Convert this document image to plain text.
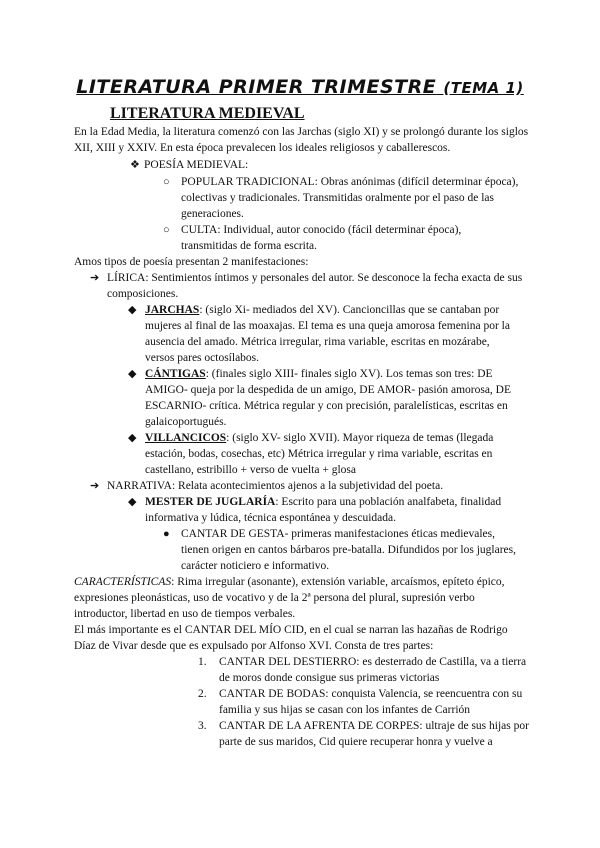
LITERATURA PRIMER TRIMESTRE (TEMA 1)
LITERATURA MEDIEVAL
En la Edad Media, la literatura comenzó con las Jarchas (siglo XI) y se prolongó durante los siglos XII, XIII y XXIV. En esta época prevalecen los ideales religiosos y caballerescos.
❖ POESÍA MEDIEVAL:
○ POPULAR TRADICIONAL: Obras anónimas (difícil determinar época), colectivas y tradicionales. Transmitidas oralmente por el paso de las generaciones.
○ CULTA: Individual, autor conocido (fácil determinar época), transmitidas de forma escrita.
Amos tipos de poesía presentan 2 manifestaciones:
➔ LÍRICA: Sentimientos íntimos y personales del autor. Se desconoce la fecha exacta de sus composiciones.
◆ JARCHAS: (siglo Xi- mediados del XV). Cancioncillas que se cantaban por mujeres al final de las moaxajas. El tema es una queja amorosa femenina por la ausencia del amado. Métrica irregular, rima variable, escritas en mozárabe, versos pares octosílabos.
◆ CÁNTIGAS: (finales siglo XIII- finales siglo XV). Los temas son tres: DE AMIGO- queja por la despedida de un amigo, DE AMOR- pasión amorosa, DE ESCARNIO- crítica. Métrica regular y con precisión, paralelísticas, escritas en galaicoportugués.
◆ VILLANCICOS: (siglo XV- siglo XVII). Mayor riqueza de temas (llegada estación, bodas, cosechas, etc) Métrica irregular y rima variable, escritas en castellano, estribillo + verso de vuelta + glosa
➔ NARRATIVA: Relata acontecimientos ajenos a la subjetividad del poeta.
◆ MESTER DE JUGLARÍA: Escrito para una población analfabeta, finalidad informativa y lúdica, técnica espontánea y descuidada.
● CANTAR DE GESTA- primeras manifestaciones éticas medievales, tienen origen en cantos bárbaros pre-batalla. Difundidos por los juglares, carácter noticiero e informativo.
CARACTERÍSTICAS: Rima irregular (asonante), extensión variable, arcaísmos, epíteto épico, expresiones pleonásticas, uso de vocativo y de la 2ª persona del plural, supresión verbo introductor, libertad en uso de tiempos verbales.
El más importante es el CANTAR DEL MÍO CID, en el cual se narran las hazañas de Rodrigo Díaz de Vivar desde que es expulsado por Alfonso XVI. Consta de tres partes:
1.	CANTAR DEL DESTIERRO: es desterrado de Castilla, va a tierra de moros donde consigue sus primeras victorias
2.	CANTAR DE BODAS: conquista Valencia, se reencuentra con su familia y sus hijas se casan con los infantes de Carrión
3.	CANTAR DE LA AFRENTA DE CORPES: ultraje de sus hijas por parte de sus maridos, Cid quiere recuperar honra y vuelve a
